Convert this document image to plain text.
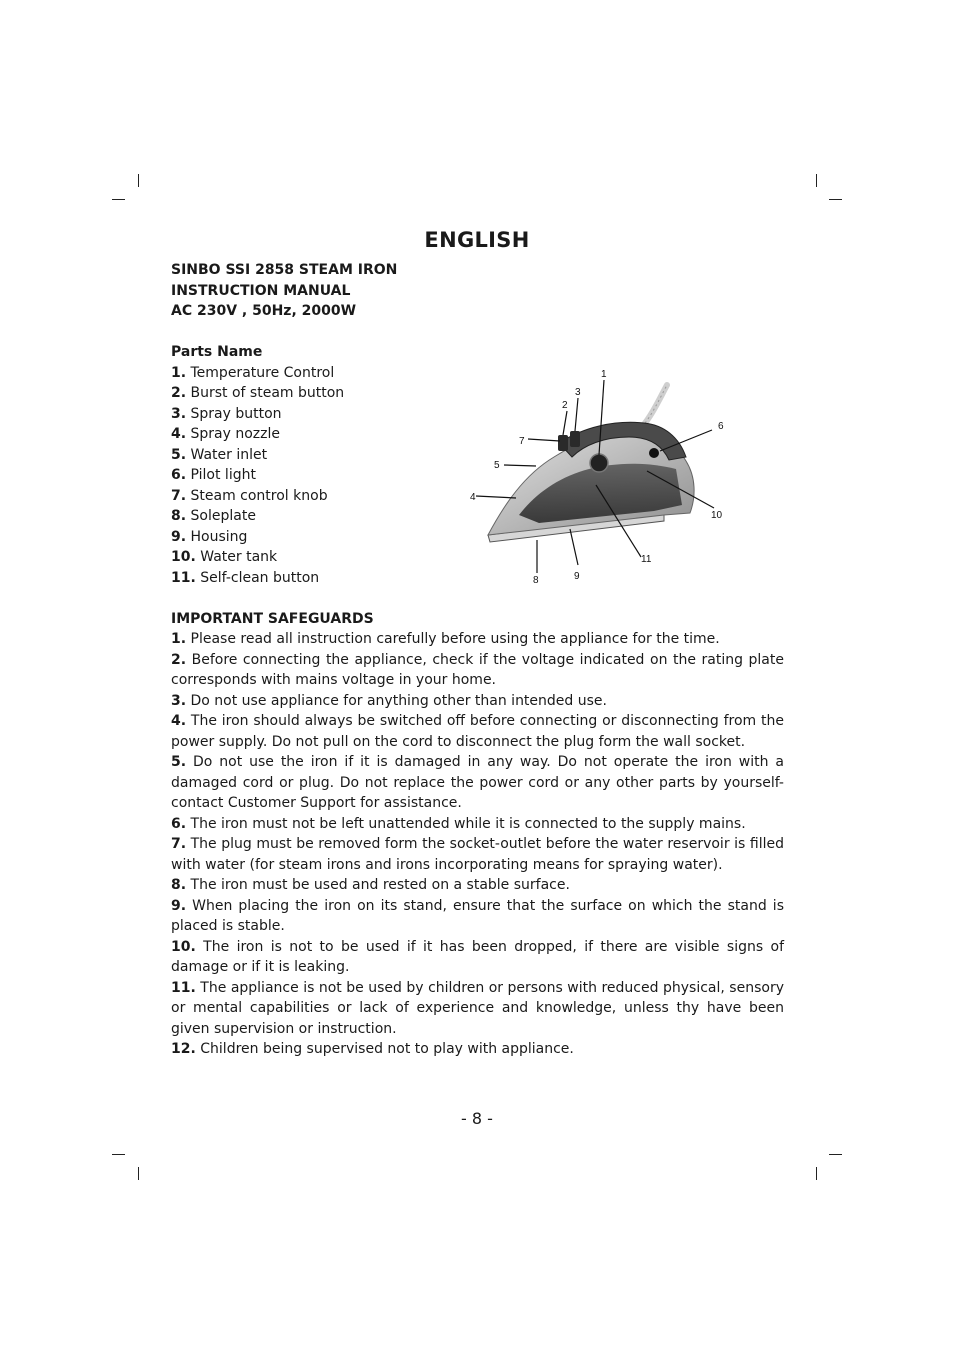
ENGLISH
SINBO SSI 2858 STEAM IRON
INSTRUCTION MANUAL
AC 230V , 50Hz, 2000W
Parts Name
1. Temperature Control
2. Burst of steam button
3. Spray button
4. Spray nozzle
5. Water inlet
6. Pilot light
7. Steam control knob
8. Soleplate
9. Housing
10. Water tank
11. Self-clean button
IMPORTANT SAFEGUARDS
1. Please read all instruction carefully before using the appliance for the time.
2. Before connecting the appliance, check if the voltage indicated on the rating plate corresponds with mains voltage in your home.
3. Do not use appliance for anything other than intended use.
4. The iron should always be switched off before connecting or disconnecting from the power supply. Do not pull on the cord to disconnect the plug form the wall socket.
5. Do not use the iron if it is damaged in any way. Do not operate the iron with a damaged cord or plug. Do not replace the power cord or any other parts by yourself-contact Customer Support for assistance.
6. The iron must not be left unattended while it is connected to the supply mains.
7. The plug must be removed form the socket-outlet before the water reservoir is filled with water (for steam irons and irons incorporating means for spraying water).
8. The iron must be used and rested on a stable surface.
9. When placing the iron on its stand, ensure that the surface on which the stand is placed is stable.
10. The iron is not to be used if it has been dropped, if there are visible signs of damage or if it is leaking.
11. The appliance is not be used by children or persons with reduced physical, sensory or mental capabilities or lack of experience and knowledge, unless thy have been given supervision or instruction.
12. Children being supervised not to play with appliance.
1
2
3
4
5
6
7
8	9
10
11
- 8 -
